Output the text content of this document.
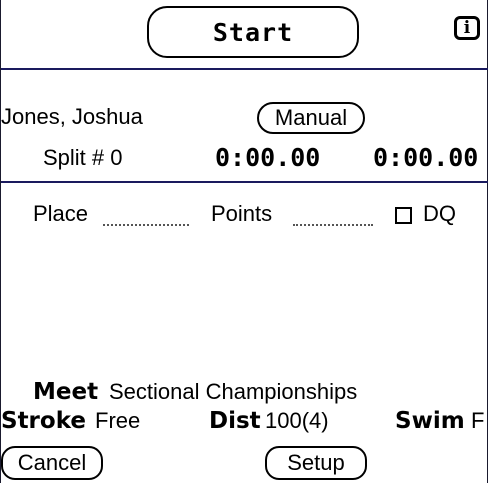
Start	i
Jones, Joshua	Manual
Split # 0	0:00.00 0:00.00
Place	Points	DQ
Meet Sectional Championships
Stroke Free	Dist 100(4)	Swim F
Cancel	Setup
